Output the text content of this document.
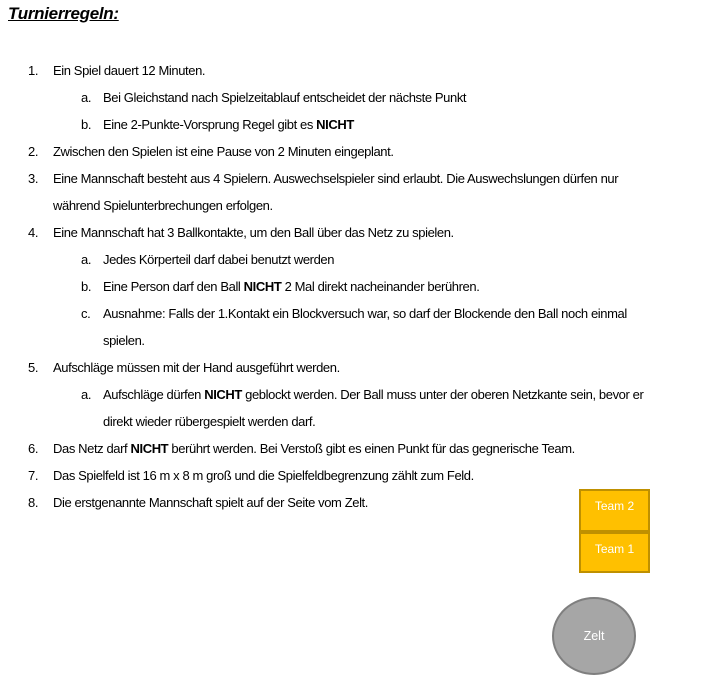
Turnierregeln:
1.	Ein Spiel dauert 12 Minuten.
a. Bei Gleichstand nach Spielzeitablauf entscheidet der nächste Punkt
b. Eine 2-Punkte-Vorsprung Regel gibt es NICHT
2.	Zwischen den Spielen ist eine Pause von 2 Minuten eingeplant.
3.	Eine Mannschaft besteht aus 4 Spielern. Auswechselspieler sind erlaubt. Die Auswechslungen dürfen nur
während Spielunterbrechungen erfolgen.
4.	Eine Mannschaft hat 3 Ballkontakte, um den Ball über das Netz zu spielen.
a. Jedes Körperteil darf dabei benutzt werden
b. Eine Person darf den Ball NICHT 2 Mal direkt nacheinander berühren.
c. Ausnahme: Falls der 1.Kontakt ein Blockversuch war, so darf der Blockende den Ball noch einmal
spielen.
5.	Aufschläge müssen mit der Hand ausgeführt werden.
a. Aufschläge dürfen NICHT geblockt werden. Der Ball muss unter der oberen Netzkante sein, bevor er
direkt wieder rübergespielt werden darf.
6.	Das Netz darf NICHT berührt werden. Bei Verstoß gibt es einen Punkt für das gegnerische Team.
7.	Das Spielfeld ist 16 m x 8 m groß und die Spielfeldbegrenzung zählt zum Feld.
8.	Die erstgenannte Mannschaft spielt auf der Seite vom Zelt.	Team 2
Team 1
Zelt
